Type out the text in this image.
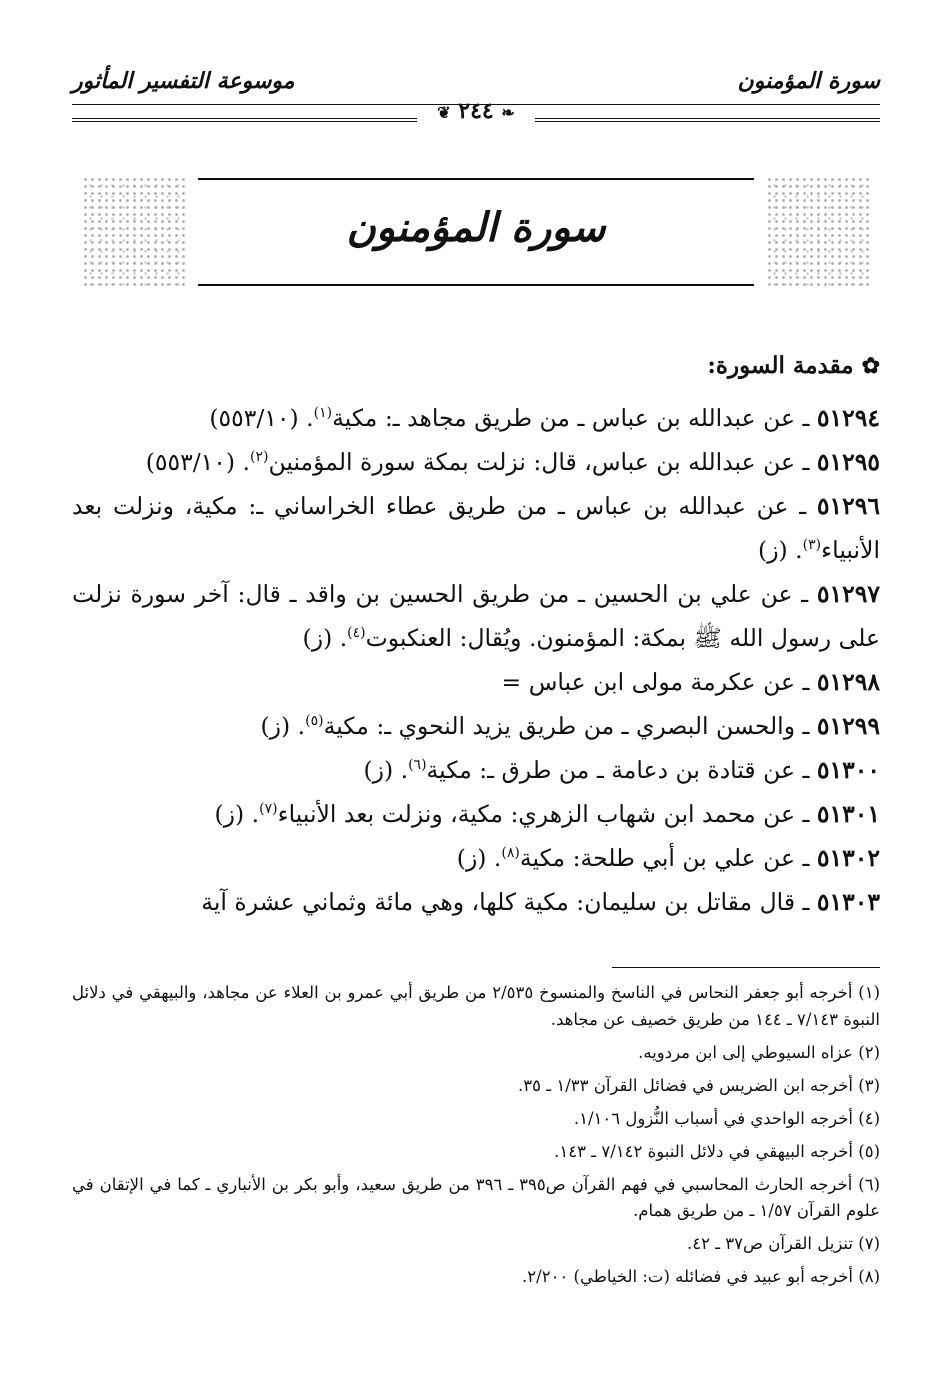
سورة المؤمنون
موسوعة التفسير المأثور
❦ ٢٤٤ ❧
سورة المؤمنون
✿مقدمة السورة:
٥١٢٩٤ ـ عن عبدالله بن عباس ـ من طريق مجاهد ـ: مكية$^{(١)}$. (٥٥٣/١٠)
٥١٢٩٥ ـ عن عبدالله بن عباس، قال: نزلت بمكة سورة المؤمنين$^{(٢)}$. (٥٥٣/١٠)
٥١٢٩٦ ـ عن عبدالله بن عباس ـ من طريق عطاء الخراساني ـ: مكية، ونزلت بعد الأنبياء$^{(٣)}$. (ز)
٥١٢٩٧ ـ عن علي بن الحسين ـ من طريق الحسين بن واقد ـ قال: آخر سورة نزلت على رسول الله ﷺ بمكة: المؤمنون. ويُقال: العنكبوت$^{(٤)}$. (ز)
٥١٢٩٨ ـ عن عكرمة مولى ابن عباس =
٥١٢٩٩ ـ والحسن البصري ـ من طريق يزيد النحوي ـ: مكية$^{(٥)}$. (ز)
٥١٣٠٠ ـ عن قتادة بن دعامة ـ من طرق ـ: مكية$^{(٦)}$. (ز)
٥١٣٠١ ـ عن محمد ابن شهاب الزهري: مكية، ونزلت بعد الأنبياء$^{(٧)}$. (ز)
٥١٣٠٢ ـ عن علي بن أبي طلحة: مكية$^{(٨)}$. (ز)
٥١٣٠٣ ـ قال مقاتل بن سليمان: مكية كلها، وهي مائة وثماني عشرة آية
(١) أخرجه أبو جعفر النحاس في الناسخ والمنسوخ ٢/٥٣٥ من طريق أبي عمرو بن العلاء عن مجاهد، والبيهقي في دلائل النبوة ٧/١٤٣ ـ ١٤٤ من طريق خصيف عن مجاهد.
(٢) عزاه السيوطي إلى ابن مردويه.
(٣) أخرجه ابن الضريس في فضائل القرآن ١/٣٣ ـ ٣٥.
(٤) أخرجه الواحدي في أسباب النُّزول ١/١٠٦.
(٥) أخرجه البيهقي في دلائل النبوة ٧/١٤٢ ـ ١٤٣.
(٦) أخرجه الحارث المحاسبي في فهم القرآن ص٣٩٥ ـ ٣٩٦ من طريق سعيد، وأبو بكر بن الأنباري ـ كما في الإتقان في علوم القرآن ١/٥٧ ـ من طريق همام.
(٧) تنزيل القرآن ص٣٧ ـ ٤٢.
(٨) أخرجه أبو عبيد في فضائله (ت: الخياطي) ٢/٢٠٠.
